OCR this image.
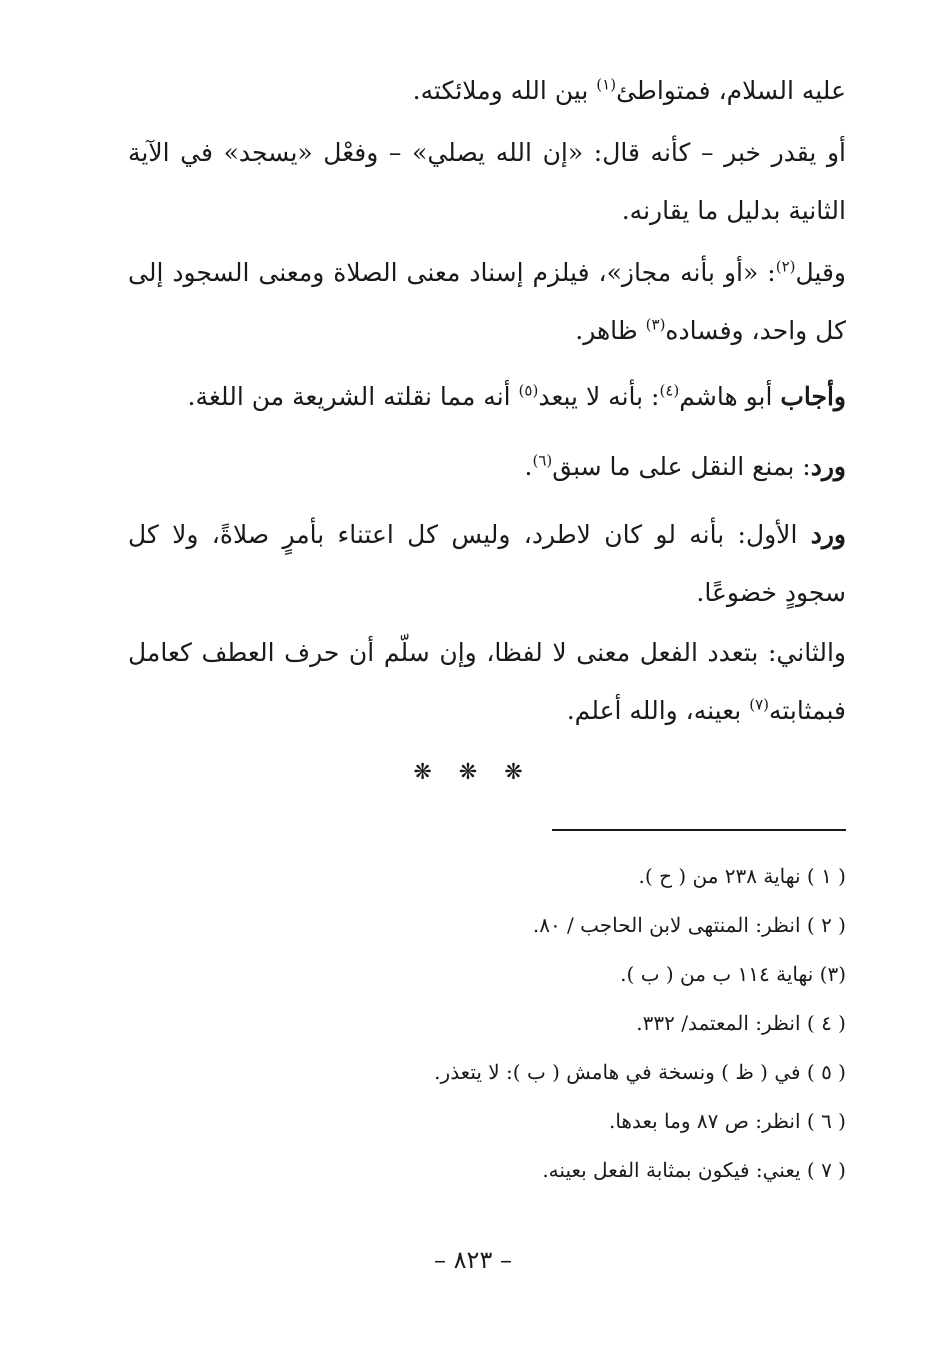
عليه السلام، فمتواطئ$^{(١)}$ بين الله وملائكته.

أو يقدر خبر – كأنه قال: «إن الله يصلي» – وفعْل «يسجد» في الآية الثانية بدليل ما يقارنه.

وقيل$^{(٢)}$: «أو بأنه مجاز»، فيلزم إسناد معنى الصلاة ومعنى السجود إلى كل واحد، وفساده$^{(٣)}$ ظاهر.

وأجاب أبو هاشم$^{(٤)}$: بأنه لا يبعد$^{(٥)}$ أنه مما نقلته الشريعة من اللغة.

ورد: بمنع النقل على ما سبق$^{(٦)}$.

ورد الأول: بأنه لو كان لاطرد، وليس كل اعتناء بأمرٍ صلاةً، ولا كل سجودٍ خضوعًا.

والثاني: بتعدد الفعل معنى لا لفظا، وإن سلّم أن حرف العطف كعامل فبمثابته$^{(٧)}$ بعينه، والله أعلم.

❋ ❋ ❋

( ١ ) نهاية ٢٣٨ من ( ح ).

( ٢ ) انظر: المنتهى لابن الحاجب / ٨٠.

(٣) نهاية ١١٤ ب من ( ب ).

( ٤ ) انظر: المعتمد/ ٣٣٢.

( ٥ ) في ( ظ ) ونسخة في هامش ( ب ): لا يتعذر.

( ٦ ) انظر: ص ٨٧ وما بعدها.

( ٧ ) يعني: فيكون بمثابة الفعل بعينه.

– ٨٢٣ –
